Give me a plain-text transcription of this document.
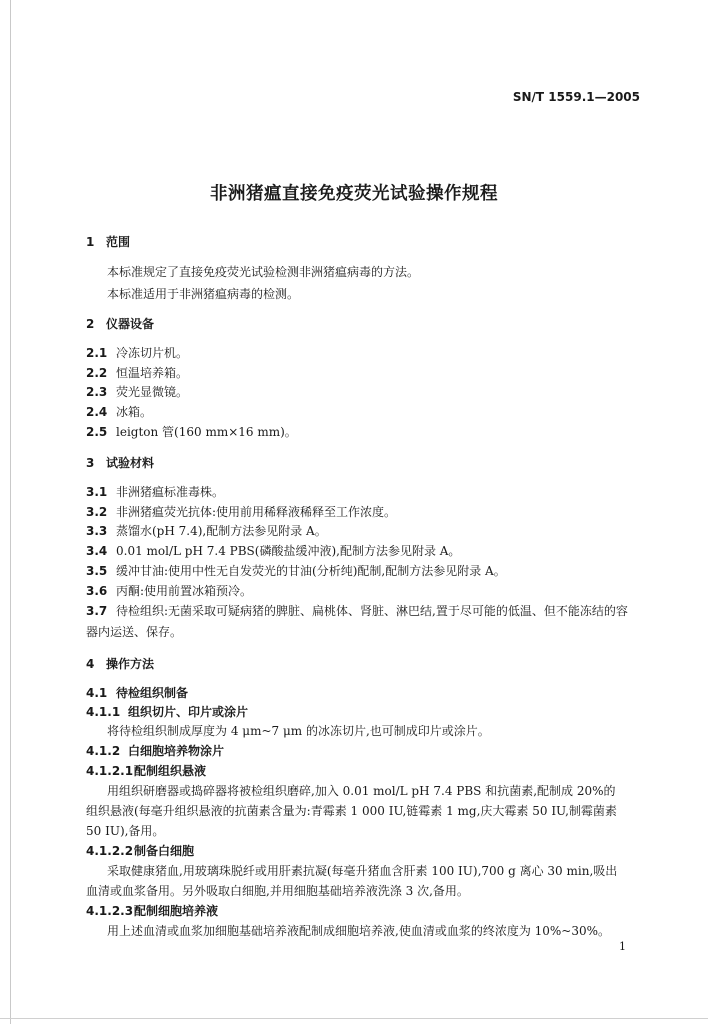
SN/T 1559.1—2005
非洲猪瘟直接免疫荧光试验操作规程
1 范围
本标准规定了直接免疫荧光试验检测非洲猪瘟病毒的方法。
本标准适用于非洲猪瘟病毒的检测。
2 仪器设备
2.1 冷冻切片机。
2.2 恒温培养箱。
2.3 荧光显微镜。
2.4 冰箱。
2.5 leigton 管(160 mm×16 mm)。
3 试验材料
3.1 非洲猪瘟标准毒株。
3.2 非洲猪瘟荧光抗体:使用前用稀释液稀释至工作浓度。
3.3 蒸馏水(pH 7.4),配制方法参见附录 A。
3.4 0.01 mol/L pH 7.4 PBS(磷酸盐缓冲液),配制方法参见附录 A。
3.5 缓冲甘油:使用中性无自发荧光的甘油(分析纯)配制,配制方法参见附录 A。
3.6 丙酮:使用前置冰箱预冷。
3.7 待检组织:无菌采取可疑病猪的脾脏、扁桃体、肾脏、淋巴结,置于尽可能的低温、但不能冻结的容
器内运送、保存。
4 操作方法
4.1 待检组织制备
4.1.1 组织切片、印片或涂片
将待检组织制成厚度为 4 μm~7 μm 的冰冻切片,也可制成印片或涂片。
4.1.2 白细胞培养物涂片
4.1.2.1配制组织悬液
用组织研磨器或捣碎器将被检组织磨碎,加入 0.01 mol/L pH 7.4 PBS 和抗菌素,配制成 20%的
组织悬液(每毫升组织悬液的抗菌素含量为:青霉素 1 000 IU,链霉素 1 mg,庆大霉素 50 IU,制霉菌素
50 IU),备用。
4.1.2.2制备白细胞
采取健康猪血,用玻璃珠脱纤或用肝素抗凝(每毫升猪血含肝素 100 IU),700 g 离心 30 min,吸出
血清或血浆备用。另外吸取白细胞,并用细胞基础培养液洗涤 3 次,备用。
4.1.2.3配制细胞培养液
用上述血清或血浆加细胞基础培养液配制成细胞培养液,使血清或血浆的终浓度为 10%~30%。
1
